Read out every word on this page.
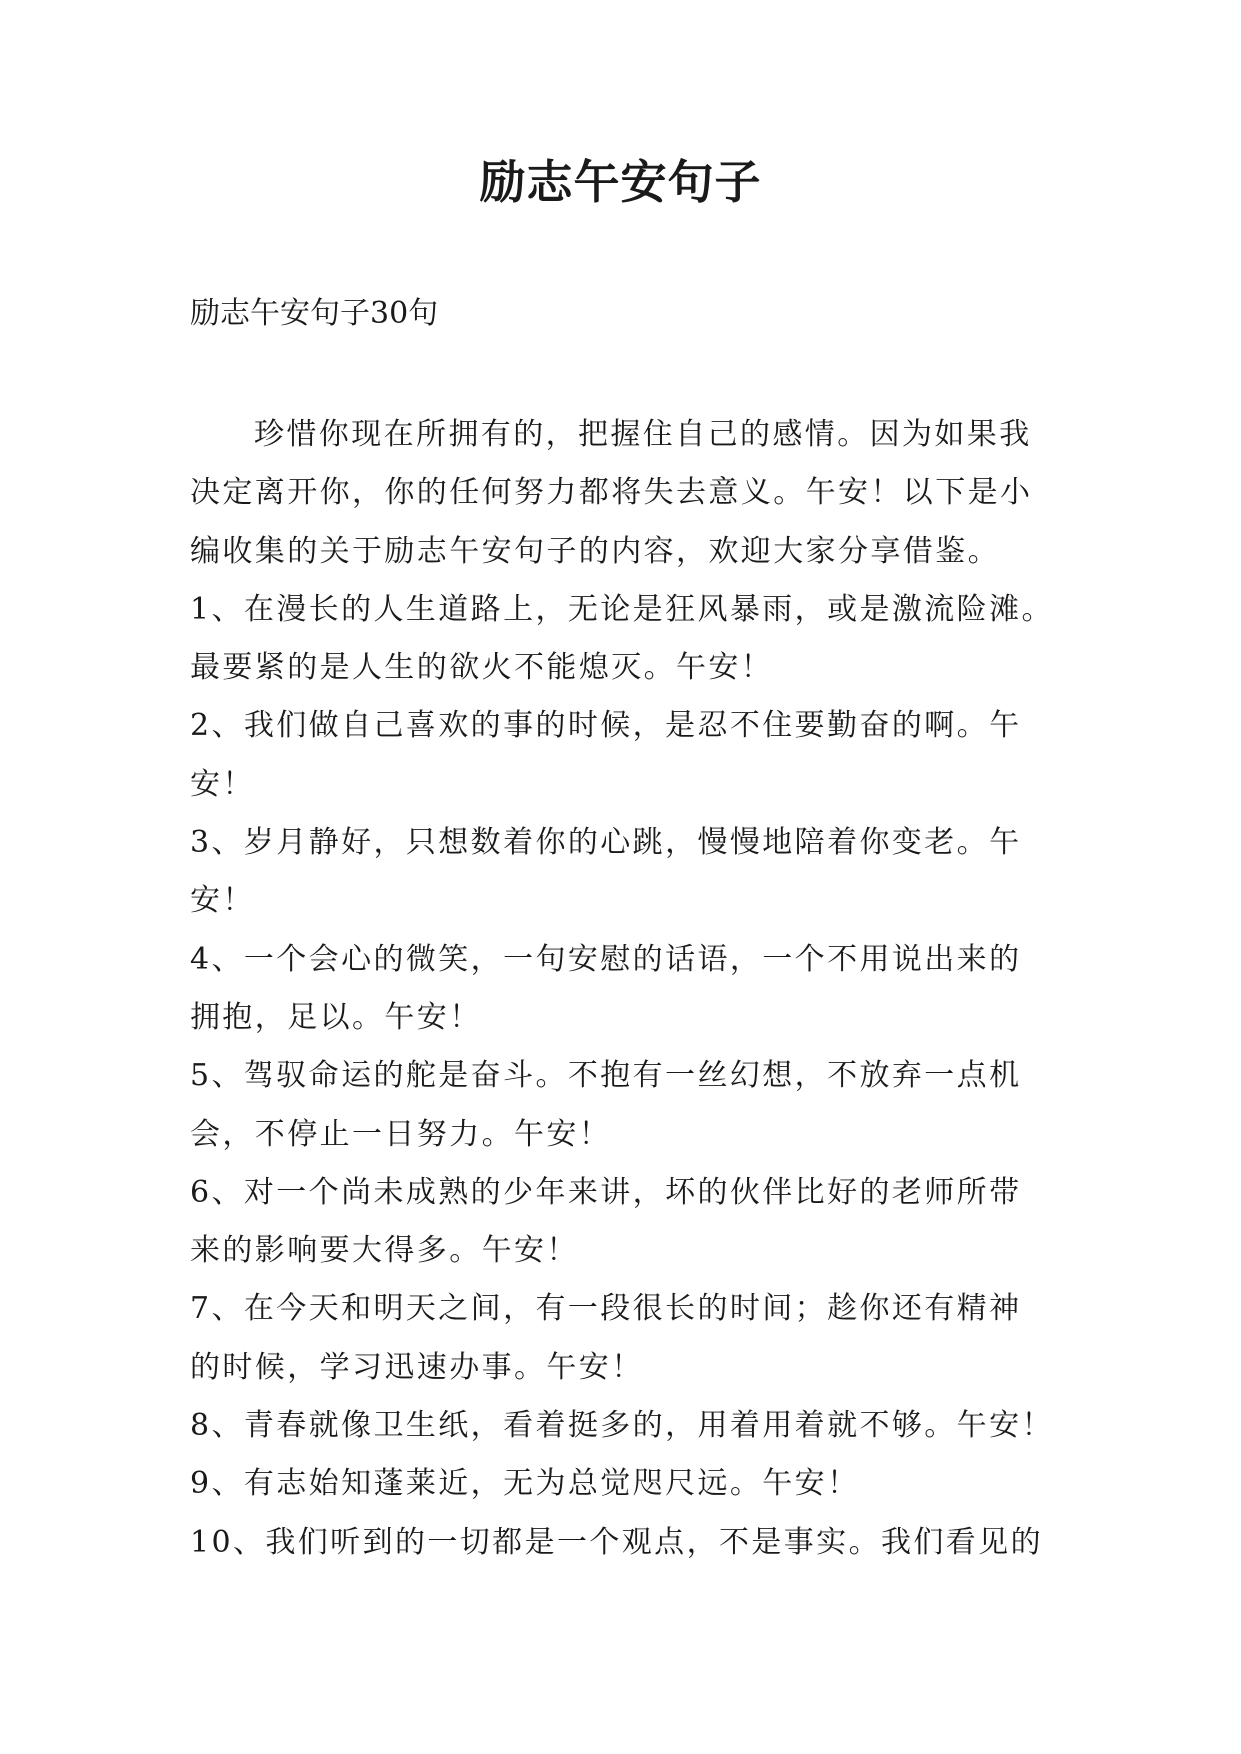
励志午安句子
励志午安句子30句
珍惜你现在所拥有的，把握住自己的感情。因为如果我
决定离开你，你的任何努力都将失去意义。午安！以下是小
编收集的关于励志午安句子的内容，欢迎大家分享借鉴。
1、在漫长的人生道路上，无论是狂风暴雨，或是激流险滩。
最要紧的是人生的欲火不能熄灭。午安！
2、我们做自己喜欢的事的时候，是忍不住要勤奋的啊。午
安！
3、岁月静好，只想数着你的心跳，慢慢地陪着你变老。午
安！
4、一个会心的微笑，一句安慰的话语，一个不用说出来的
拥抱，足以。午安！
5、驾驭命运的舵是奋斗。不抱有一丝幻想，不放弃一点机
会，不停止一日努力。午安！
6、对一个尚未成熟的少年来讲，坏的伙伴比好的老师所带
来的影响要大得多。午安！
7、在今天和明天之间，有一段很长的时间；趁你还有精神
的时候，学习迅速办事。午安！
8、青春就像卫生纸，看着挺多的，用着用着就不够。午安！
9、有志始知蓬莱近，无为总觉咫尺远。午安！
10、我们听到的一切都是一个观点，不是事实。我们看见的
